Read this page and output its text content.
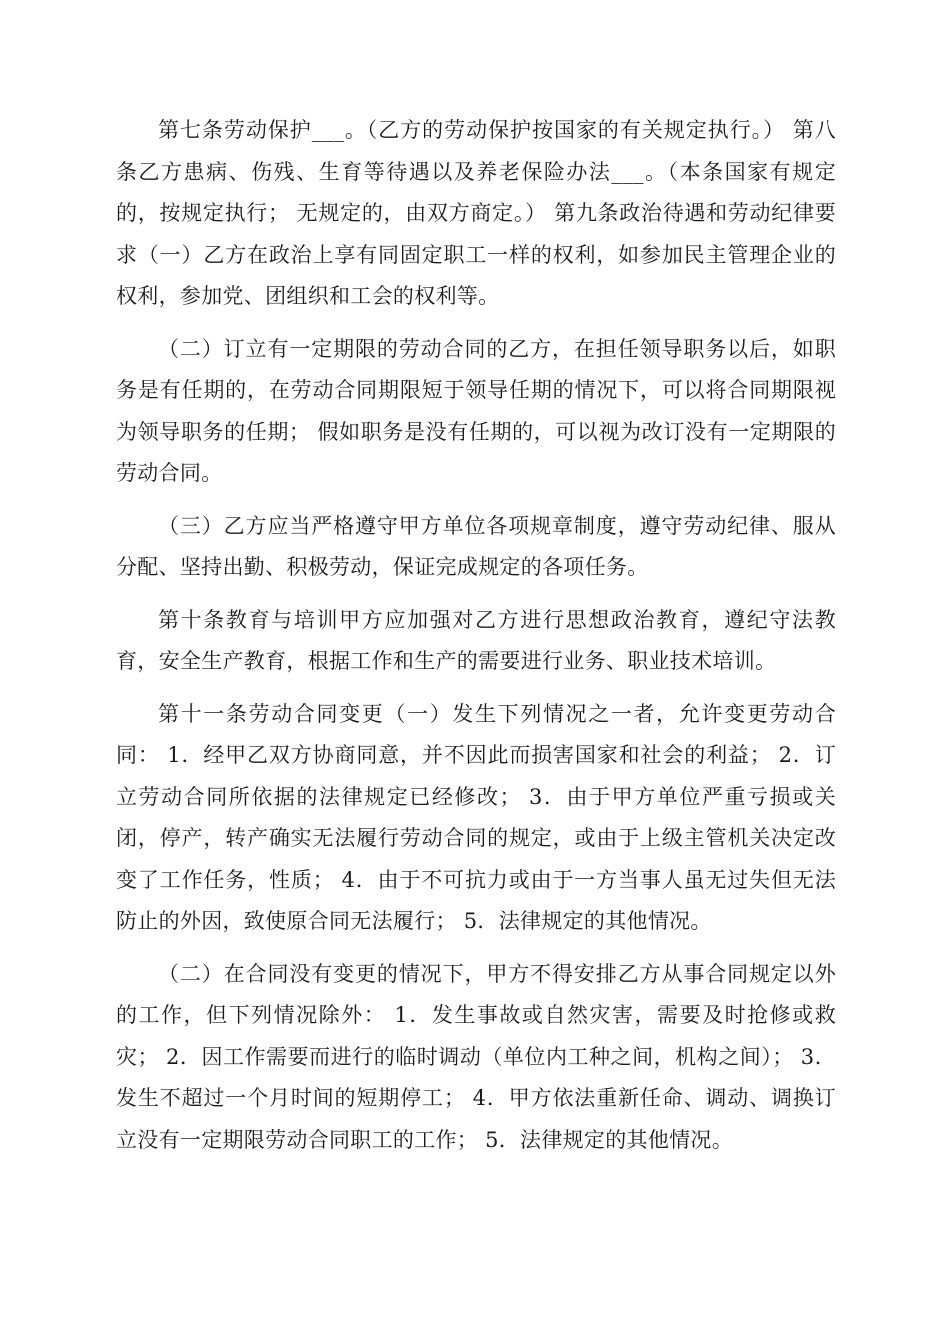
第七条劳动保护___。（乙方的劳动保护按国家的有关规定执行。） 第八条乙方患病、伤残、生育等待遇以及养老保险办法___。（本条国家有规定的，按规定执行； 无规定的，由双方商定。） 第九条政治待遇和劳动纪律要求（一）乙方在政治上享有同固定职工一样的权利，如参加民主管理企业的权利，参加党、团组织和工会的权利等。

（二）订立有一定期限的劳动合同的乙方，在担任领导职务以后，如职务是有任期的，在劳动合同期限短于领导任期的情况下，可以将合同期限视为领导职务的任期； 假如职务是没有任期的，可以视为改订没有一定期限的劳动合同。

（三）乙方应当严格遵守甲方单位各项规章制度，遵守劳动纪律、服从分配、坚持出勤、积极劳动，保证完成规定的各项任务。

第十条教育与培训甲方应加强对乙方进行思想政治教育，遵纪守法教育，安全生产教育，根据工作和生产的需要进行业务、职业技术培训。

第十一条劳动合同变更（一）发生下列情况之一者，允许变更劳动合同： 1．经甲乙双方协商同意，并不因此而损害国家和社会的利益； 2．订立劳动合同所依据的法律规定已经修改； 3．由于甲方单位严重亏损或关闭，停产，转产确实无法履行劳动合同的规定，或由于上级主管机关决定改变了工作任务，性质； 4．由于不可抗力或由于一方当事人虽无过失但无法防止的外因，致使原合同无法履行； 5．法律规定的其他情况。

（二）在合同没有变更的情况下，甲方不得安排乙方从事合同规定以外的工作，但下列情况除外： 1．发生事故或自然灾害，需要及时抢修或救灾； 2．因工作需要而进行的临时调动（单位内工种之间，机构之间）； 3．发生不超过一个月时间的短期停工； 4．甲方依法重新任命、调动、调换订立没有一定期限劳动合同职工的工作； 5．法律规定的其他情况。
